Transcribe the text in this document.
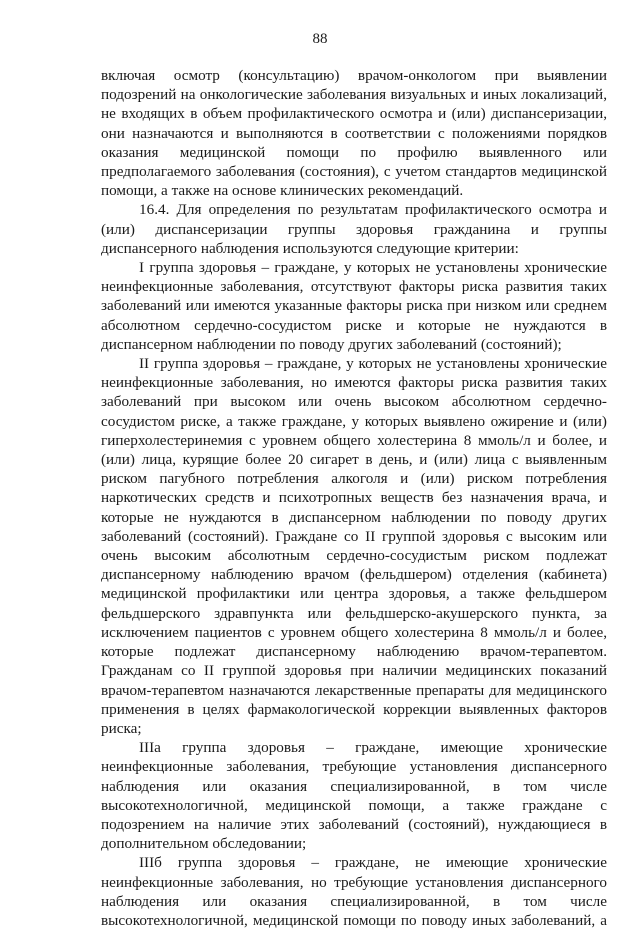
88

включая осмотр (консультацию) врачом-онкологом при выявлении подозрений на онкологические заболевания визуальных и иных локализаций, не входящих в объем профилактического осмотра и (или) диспансеризации, они назначаются и выполняются в соответствии с положениями порядков оказания медицинской помощи по профилю выявленного или предполагаемого заболевания (состояния), с учетом стандартов медицинской помощи, а также на основе клинических рекомендаций.

16.4. Для определения по результатам профилактического осмотра и (или) диспансеризации группы здоровья гражданина и группы диспансерного наблюдения используются следующие критерии:

I группа здоровья – граждане, у которых не установлены хронические неинфекционные заболевания, отсутствуют факторы риска развития таких заболеваний или имеются указанные факторы риска при низком или среднем абсолютном сердечно-сосудистом риске и которые не нуждаются в диспансерном наблюдении по поводу других заболеваний (состояний);

II группа здоровья – граждане, у которых не установлены хронические неинфекционные заболевания, но имеются факторы риска развития таких заболеваний при высоком или очень высоком абсолютном сердечно-сосудистом риске, а также граждане, у которых выявлено ожирение и (или) гиперхолестеринемия с уровнем общего холестерина 8 ммоль/л и более, и (или) лица, курящие более 20 сигарет в день, и (или) лица с выявленным риском пагубного потребления алкоголя и (или) риском потребления наркотических средств и психотропных веществ без назначения врача, и которые не нуждаются в диспансерном наблюдении по поводу других заболеваний (состояний). Граждане со II группой здоровья с высоким или очень высоким абсолютным сердечно-сосудистым риском подлежат диспансерному наблюдению врачом (фельдшером) отделения (кабинета) медицинской профилактики или центра здоровья, а также фельдшером фельдшерского здравпункта или фельдшерско-акушерского пункта, за исключением пациентов с уровнем общего холестерина 8 ммоль/л и более, которые подлежат диспансерному наблюдению врачом-терапевтом. Гражданам со II группой здоровья при наличии медицинских показаний врачом-терапевтом назначаются лекарственные препараты для медицинского применения в целях фармакологической коррекции выявленных факторов риска;

IIIа группа здоровья – граждане, имеющие хронические неинфекционные заболевания, требующие установления диспансерного наблюдения или оказания специализированной, в том числе высокотехнологичной, медицинской помощи, а также граждане с подозрением на наличие этих заболеваний (состояний), нуждающиеся в дополнительном обследовании;

IIIб группа здоровья – граждане, не имеющие хронические неинфекционные заболевания, но требующие установления диспансерного наблюдения или оказания специализированной, в том числе высокотехнологичной, медицинской помощи по поводу иных заболеваний, а
